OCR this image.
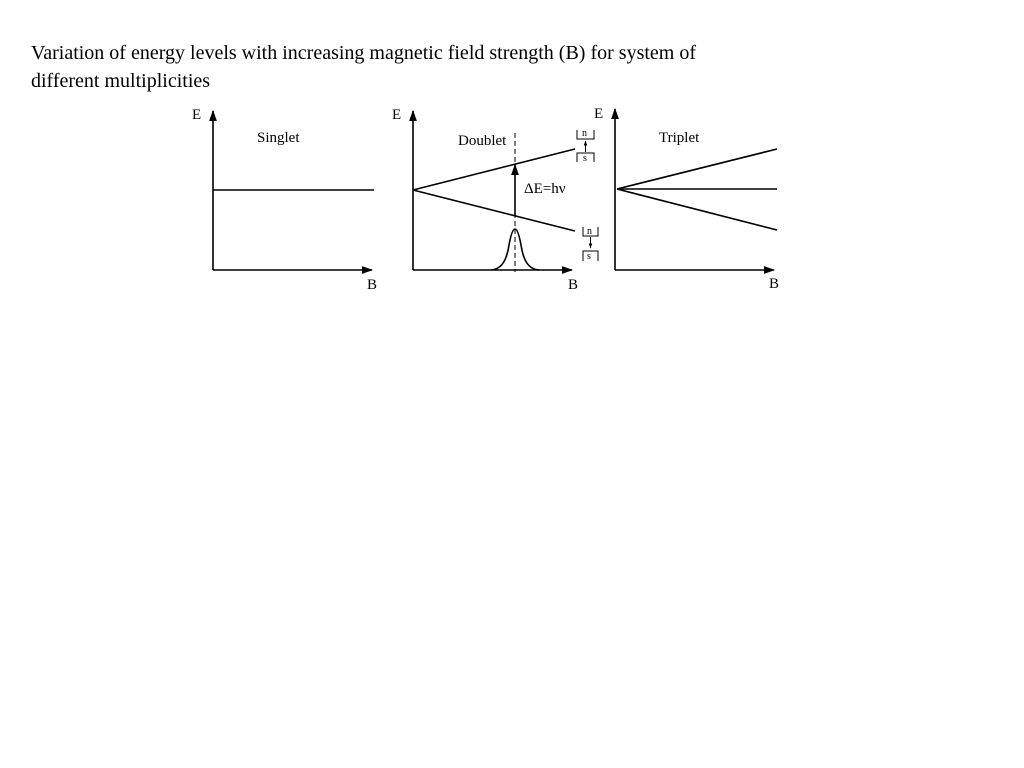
Variation of energy levels with increasing magnetic field strength (B) for system of different multiplicities
E
B
Singlet
E
B
Doublet
ΔE=hν
n
s
n
s
E
B
Triplet
